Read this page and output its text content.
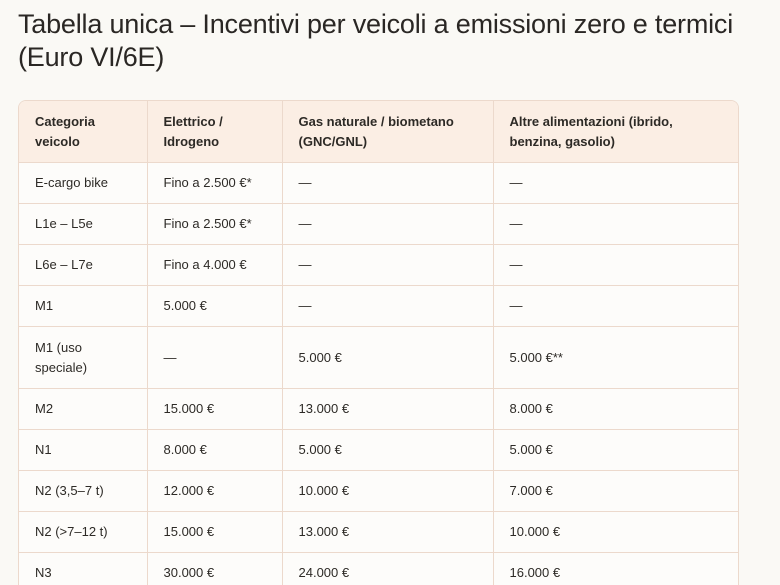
Tabella unica – Incentivi per veicoli a emissioni zero e termici (Euro VI/6E)
Categoria veicolo	Elettrico / Idrogeno	Gas naturale / biometano (GNC/GNL)	Altre alimentazioni (ibrido, benzina, gasolio)
E-cargo bike	Fino a 2.500 €*	—	—
L1e – L5e	Fino a 2.500 €*	—	—
L6e – L7e	Fino a 4.000 €	—	—
M1	5.000 €	—	—
M1 (uso speciale)	—	5.000 €	5.000 €**
M2	15.000 €	13.000 €	8.000 €
N1	8.000 €	5.000 €	5.000 €
N2 (3,5–7 t)	12.000 €	10.000 €	7.000 €
N2 (>7–12 t)	15.000 €	13.000 €	10.000 €
N3	30.000 €	24.000 €	16.000 €
